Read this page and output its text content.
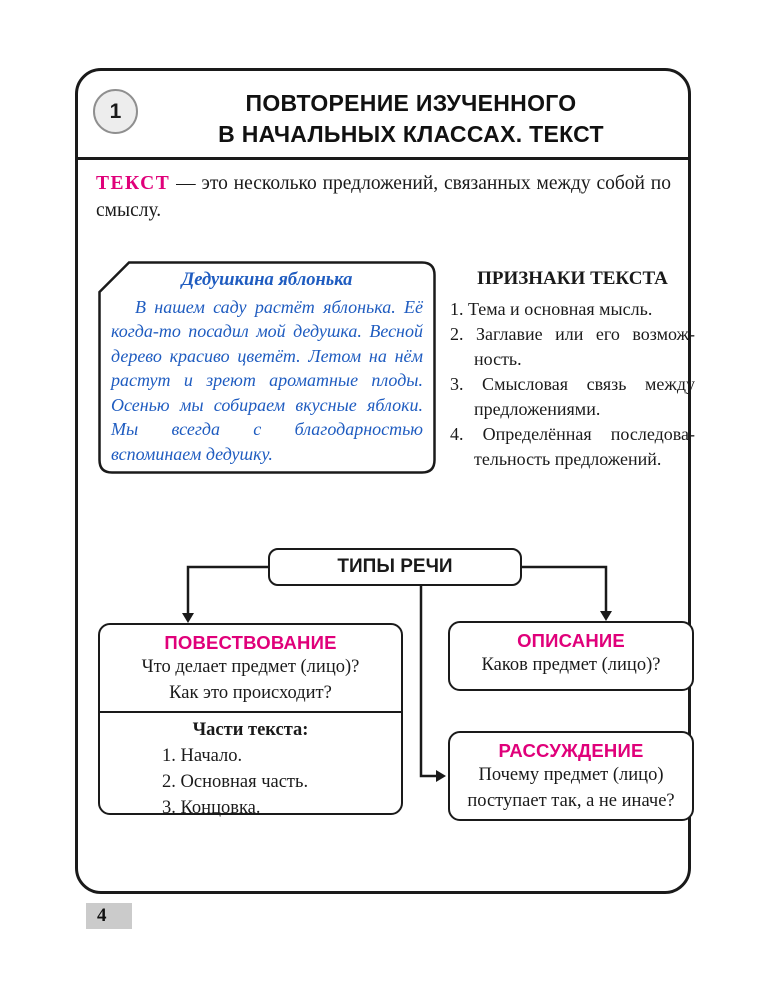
1	ПОВТОРЕНИЕ ИЗУЧЕННОГО
В НАЧАЛЬНЫХ КЛАССАХ. ТЕКСТ
ТЕКСТ — это несколько предложений, связанных между собой по смыслу.
Дедушкина яблонька
В нашем саду растёт яблонька. Её когда-то посадил мой дедушка. Весной дерево красиво цветёт. Летом на нём растут и зреют ароматные плоды. Осенью мы собираем вкусные яблоки. Мы всегда с благодарностью вспоминаем дедушку.
ПРИЗНАКИ ТЕКСТА
1. Тема и основная мысль.
2. Заглавие или его возможность.
3. Смысловая связь между предложениями.
4. Определённая последовательность предложений.
ТИПЫ РЕЧИ
ПОВЕСТВОВАНИЕ
Что делает предмет (лицо)?
Как это происходит?
Части текста:
1. Начало.
2. Основная часть.
3. Концовка.
ОПИСАНИЕ
Каков предмет (лицо)?
РАССУЖДЕНИЕ
Почему предмет (лицо)
поступает так, а не иначе?
4
